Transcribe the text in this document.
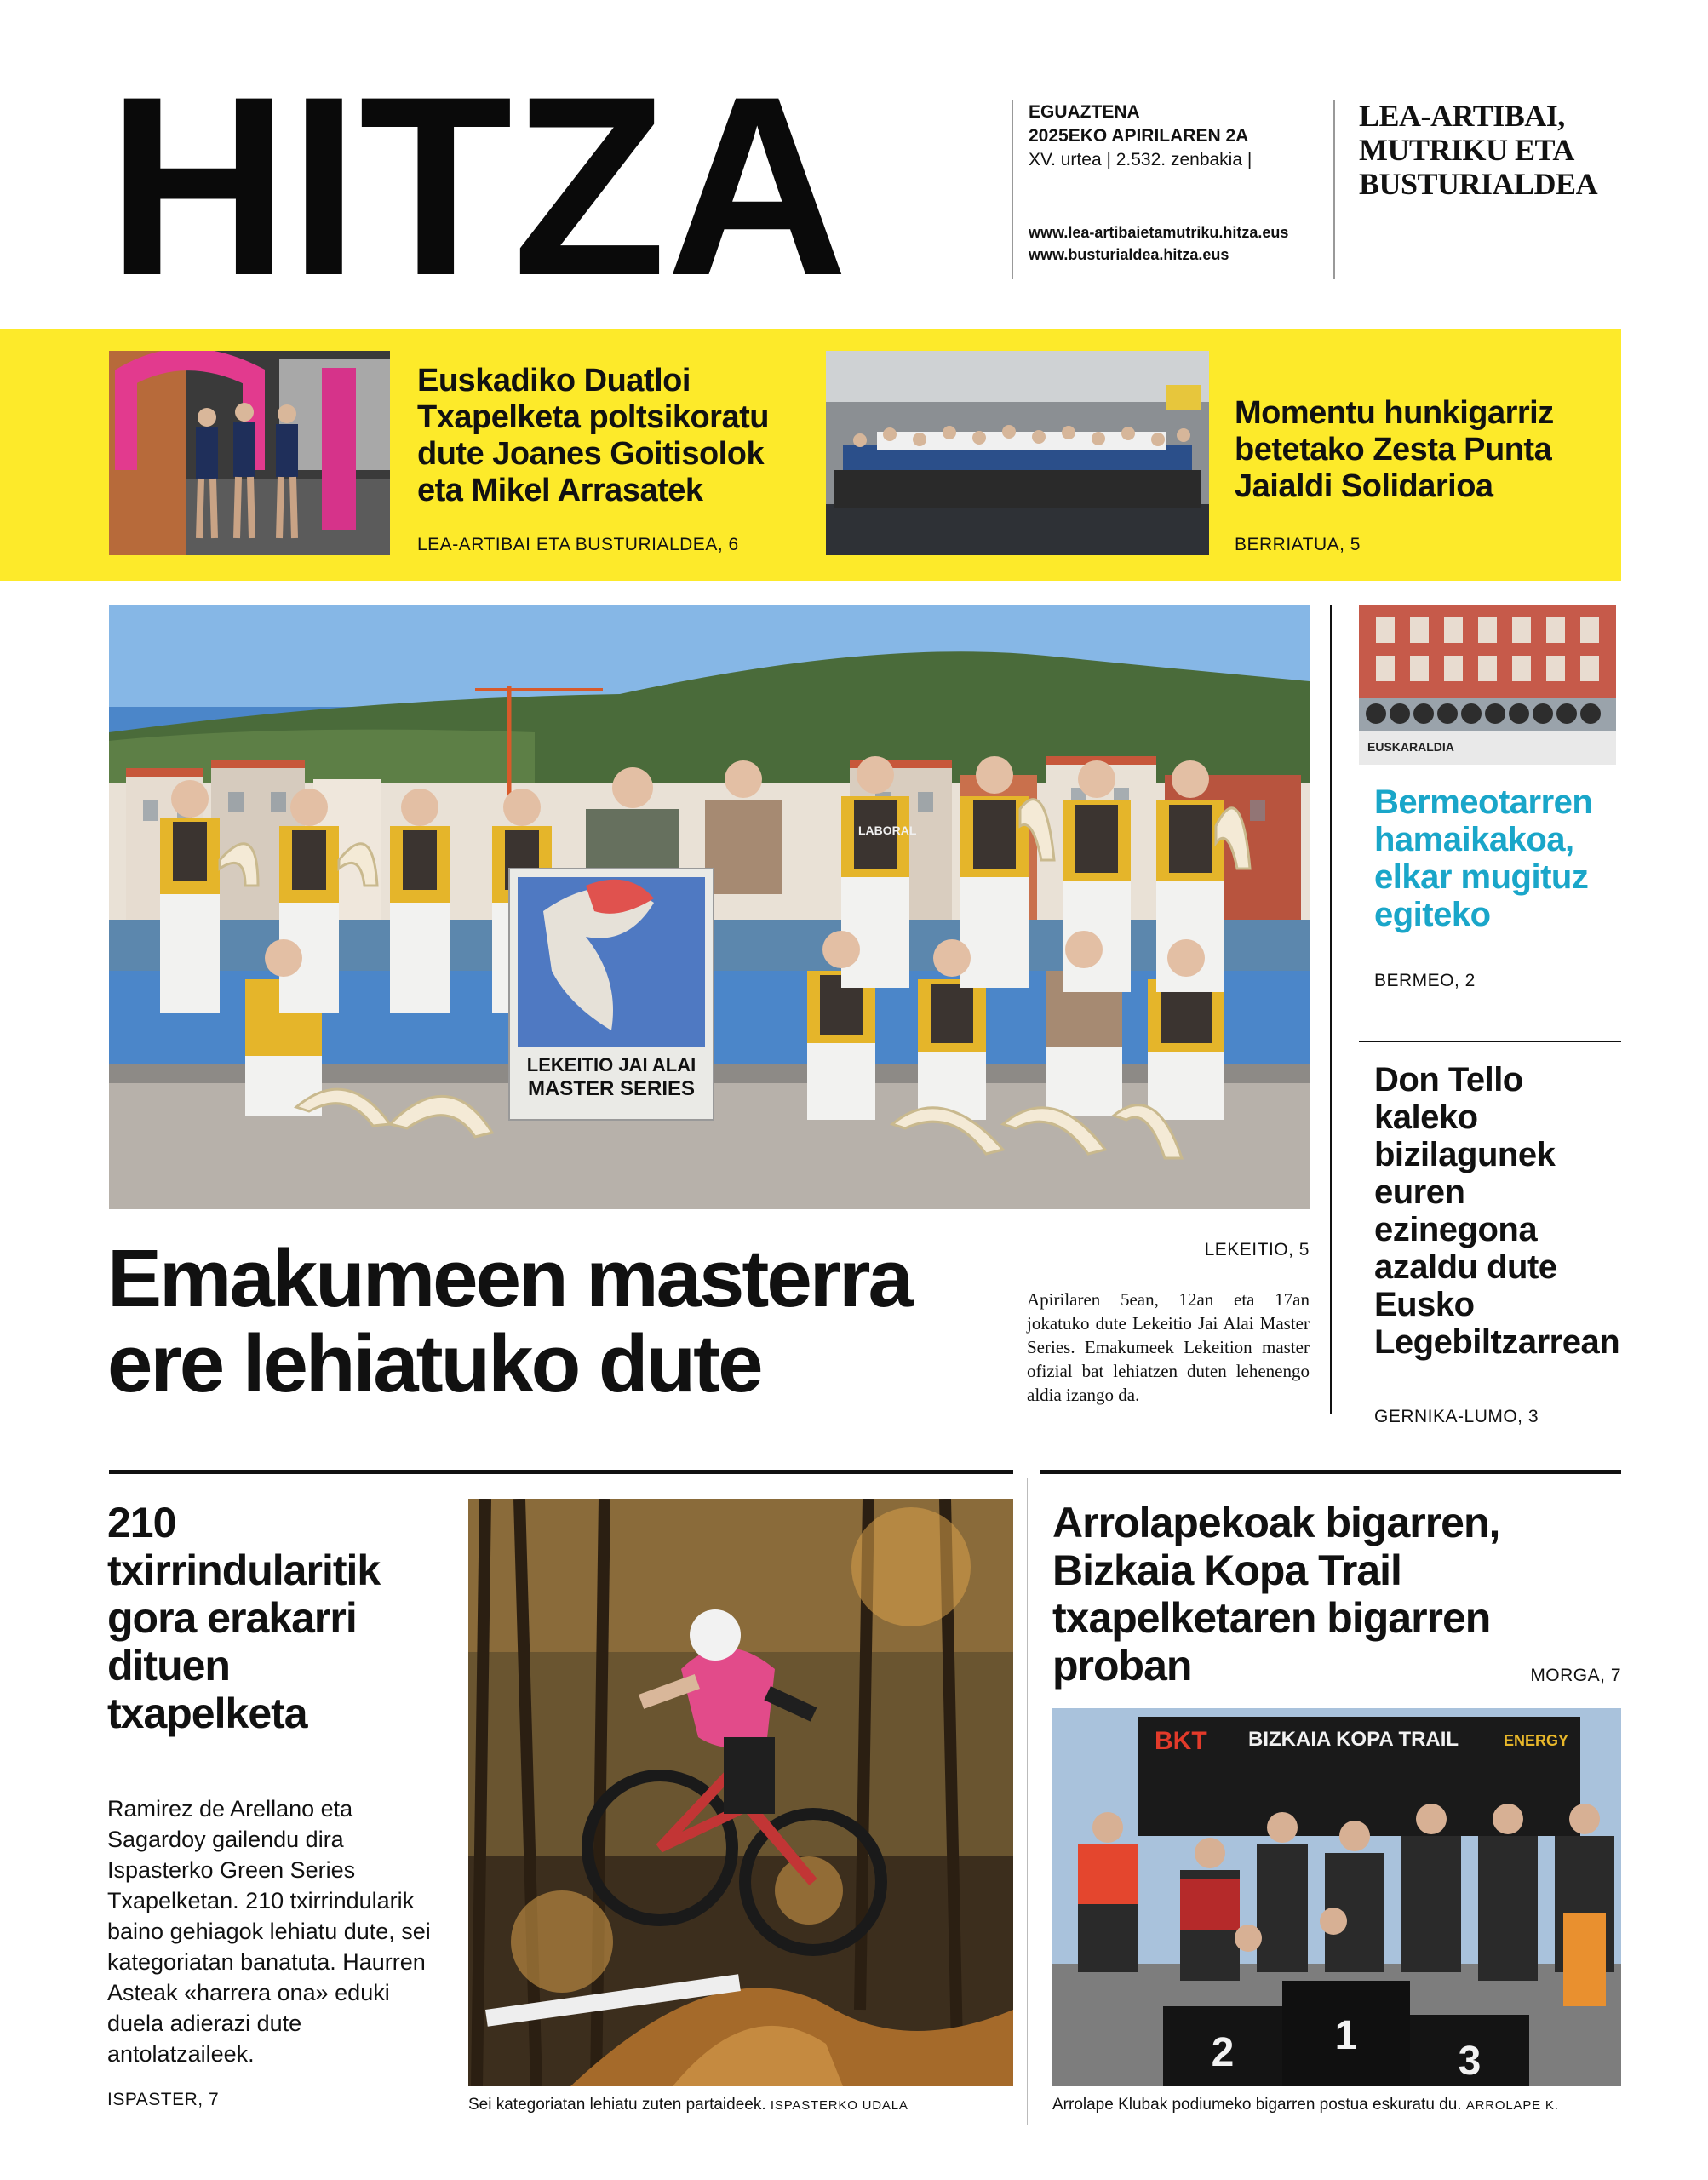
HITZA	EGUAZTENA
2025EKO APIRILAREN 2A
XV. urtea | 2.532. zenbakia |
www.lea-artibaietamutriku.hitza.eus
www.busturialdea.hitza.eus
LEA-ARTIBAI,
MUTRIKU ETA
BUSTURIALDEA
Euskadiko Duatloi Txapelketa poltsikoratu dute Joanes Goitisolok eta Mikel Arrasatek
LEA-ARTIBAI ETA BUSTURIALDEA, 6
Momentu hunkigarriz betetako Zesta Punta Jaialdi Solidarioa
BERRIATUA, 5
LEKEITIO JAI ALAI
MASTER SERIES
LABORAL
LEKEITIO, 5
Emakumeen masterra ere lehiatuko dute
Apirilaren 5ean, 12an eta 17an jokatuko dute Lekeitio Jai Alai Master Series. Emakumeek Lekeition master ofizial bat lehiatzen duten lehenengo aldia izango da.
EUSKARALDIA
Bermeotarren hamaikakoa, elkar mugituz egiteko
BERMEO, 2
Don Tello kaleko bizilagunek euren ezinegona azaldu dute Eusko Legebiltzarrean
GERNIKA-LUMO, 3
210 txirrindularitik gora erakarri dituen txapelketa
Ramirez de Arellano eta Sagardoy gailendu dira Ispasterko Green Series Txapelketan. 210 txirrindularik baino gehiagok lehiatu dute, sei kategoriatan banatuta. Haurren Asteak «harrera ona» eduki duela adierazi dute antolatzaileek.
ISPASTER, 7	Sei kategoriatan lehiatu zuten partaideek. ISPASTERKO UDALA
Arrolapekoak bigarren, Bizkaia Kopa Trail txapelketaren bigarren proban	MORGA, 7
BKT BIZKAIA KOPA TRAIL	ENERGY
2 1
3
Arrolape Klubak podiumeko bigarren postua eskuratu du. ARROLAPE K.
